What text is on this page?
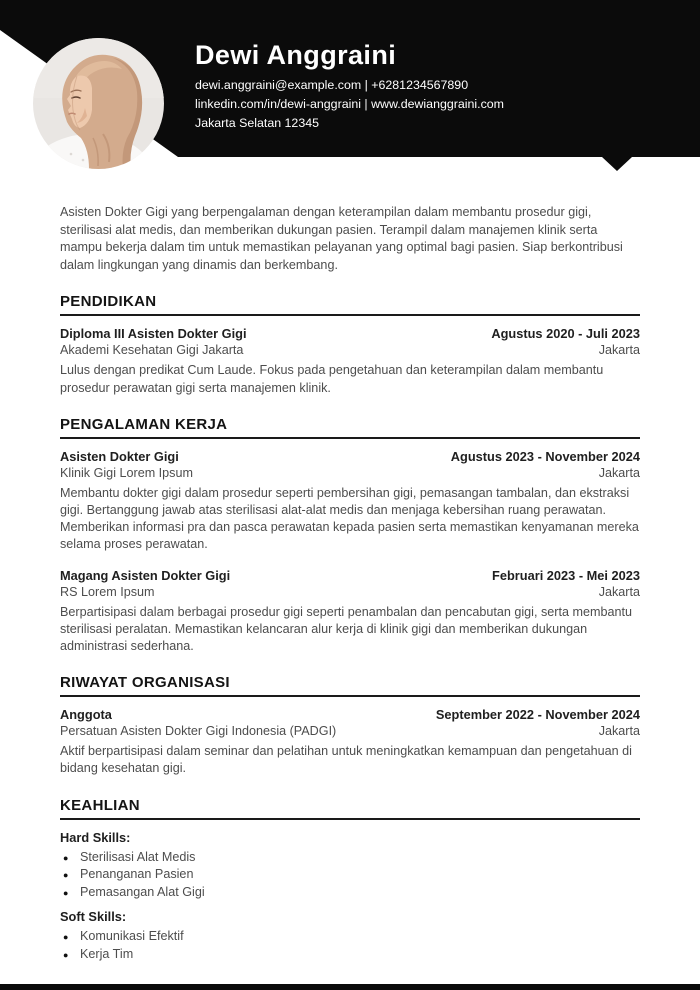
Dewi Anggraini
dewi.anggraini@example.com | +6281234567890
linkedin.com/in/dewi-anggraini | www.dewianggraini.com
Jakarta Selatan 12345

Asisten Dokter Gigi yang berpengalaman dengan keterampilan dalam membantu prosedur gigi, sterilisasi alat medis, dan memberikan dukungan pasien. Terampil dalam manajemen klinik serta mampu bekerja dalam tim untuk memastikan pelayanan yang optimal bagi pasien. Siap berkontribusi dalam lingkungan yang dinamis dan berkembang.

PENDIDIKAN
Diploma III Asisten Dokter Gigi	Agustus 2020 - Juli 2023
Akademi Kesehatan Gigi Jakarta	Jakarta

Lulus dengan predikat Cum Laude. Fokus pada pengetahuan dan keterampilan dalam membantu prosedur perawatan gigi serta manajemen klinik.

PENGALAMAN KERJA
Asisten Dokter Gigi	Agustus 2023 - November 2024
Klinik Gigi Lorem Ipsum	Jakarta

Membantu dokter gigi dalam prosedur seperti pembersihan gigi, pemasangan tambalan, dan ekstraksi gigi. Bertanggung jawab atas sterilisasi alat-alat medis dan menjaga kebersihan ruang perawatan. Memberikan informasi pra dan pasca perawatan kepada pasien serta memastikan kenyamanan mereka selama proses perawatan.

Magang Asisten Dokter Gigi	Februari 2023 - Mei 2023
RS Lorem Ipsum	Jakarta

Berpartisipasi dalam berbagai prosedur gigi seperti penambalan dan pencabutan gigi, serta membantu sterilisasi peralatan. Memastikan kelancaran alur kerja di klinik gigi dan memberikan dukungan administrasi sederhana.

RIWAYAT ORGANISASI
Anggota	September 2022 - November 2024
Persatuan Asisten Dokter Gigi Indonesia (PADGI)	Jakarta

Aktif berpartisipasi dalam seminar dan pelatihan untuk meningkatkan kemampuan dan pengetahuan di bidang kesehatan gigi.

KEAHLIAN
Hard Skills:
● Sterilisasi Alat Medis
● Penanganan Pasien
● Pemasangan Alat Gigi
Soft Skills:
● Komunikasi Efektif
● Kerja Tim
